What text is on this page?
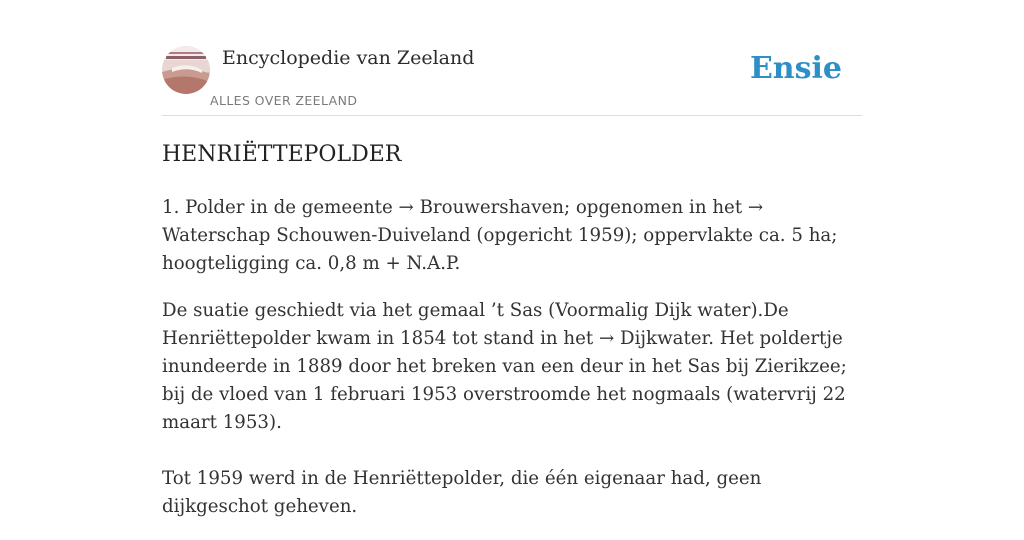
Encyclopedie van Zeeland
ALLES OVER ZEELAND
Ensie
HENRIËTTEPOLDER

1. Polder in de gemeente → Brouwershaven; opgenomen in het → Waterschap Schouwen-Duiveland (opgericht 1959); oppervlakte ca. 5 ha; hoogteligging ca. 0,8 m + N.A.P.

De suatie geschiedt via het gemaal ’t Sas (Voormalig Dijk water).De Henriëttepolder kwam in 1854 tot stand in het → Dijkwater. Het poldertje inundeerde in 1889 door het breken van een deur in het Sas bij Zierikzee; bij de vloed van 1 februari 1953 overstroomde het nogmaals (watervrij 22 maart 1953).

Tot 1959 werd in de Henriëttepolder, die één eigenaar had, geen dijkgeschot geheven.
